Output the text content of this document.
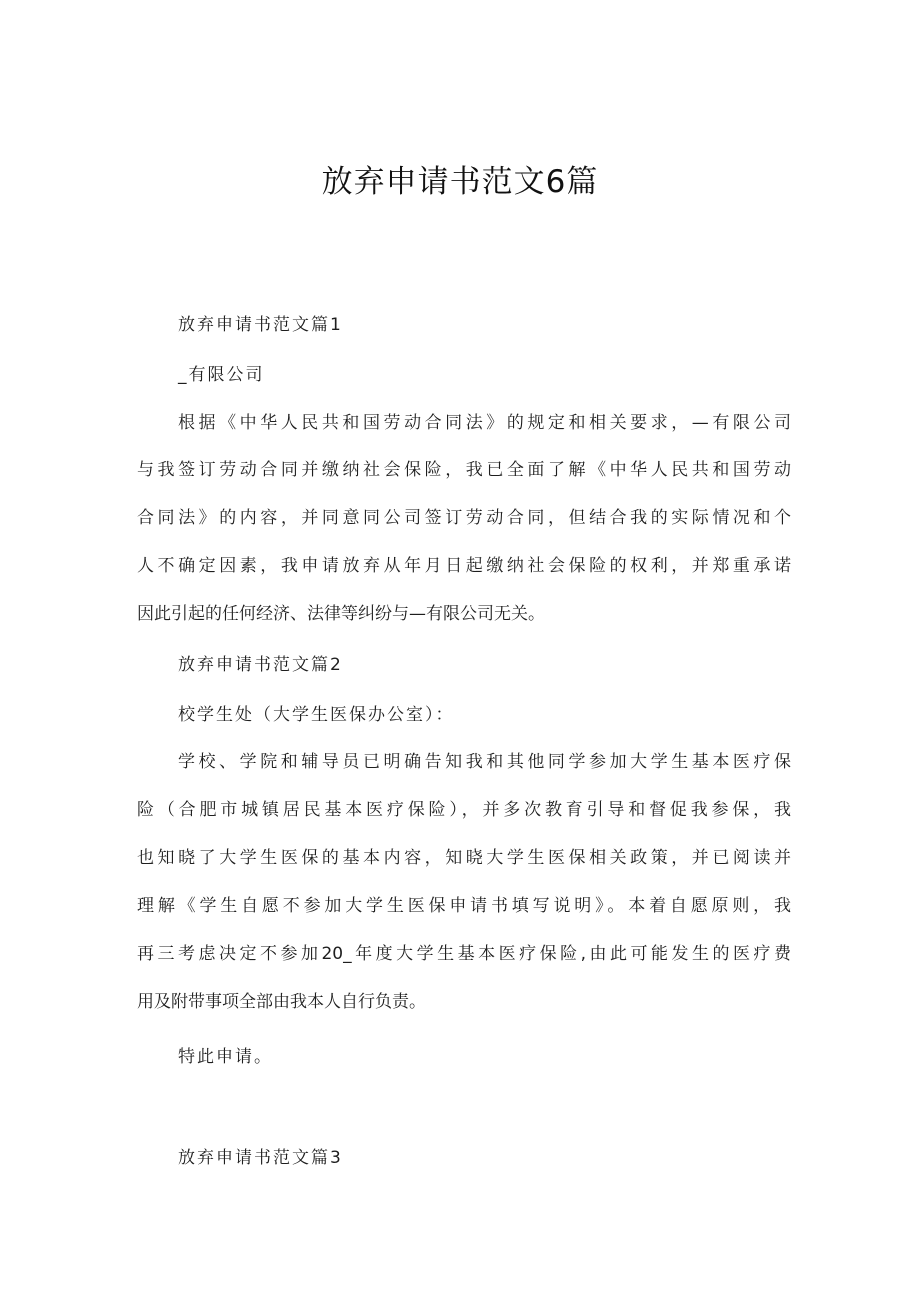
放弃申请书范文6篇

放弃申请书范文篇1

_有限公司

根据《中华人民共和国劳动合同法》的规定和相关要求，—有限公司

与我签订劳动合同并缴纳社会保险，我已全面了解《中华人民共和国劳动

合同法》的内容，并同意同公司签订劳动合同，但结合我的实际情况和个

人不确定因素，我申请放弃从年月日起缴纳社会保险的权利，并郑重承诺

因此引起的任何经济、法律等纠纷与—有限公司无关。

放弃申请书范文篇2

校学生处（大学生医保办公室）：

学校、学院和辅导员已明确告知我和其他同学参加大学生基本医疗保

险（合肥市城镇居民基本医疗保险），并多次教育引导和督促我参保，我

也知晓了大学生医保的基本内容，知晓大学生医保相关政策，并已阅读并

理解《学生自愿不参加大学生医保申请书填写说明》。本着自愿原则，我

再三考虑决定不参加20_年度大学生基本医疗保险,由此可能发生的医疗费

用及附带事项全部由我本人自行负责。

特此申请。

放弃申请书范文篇3
